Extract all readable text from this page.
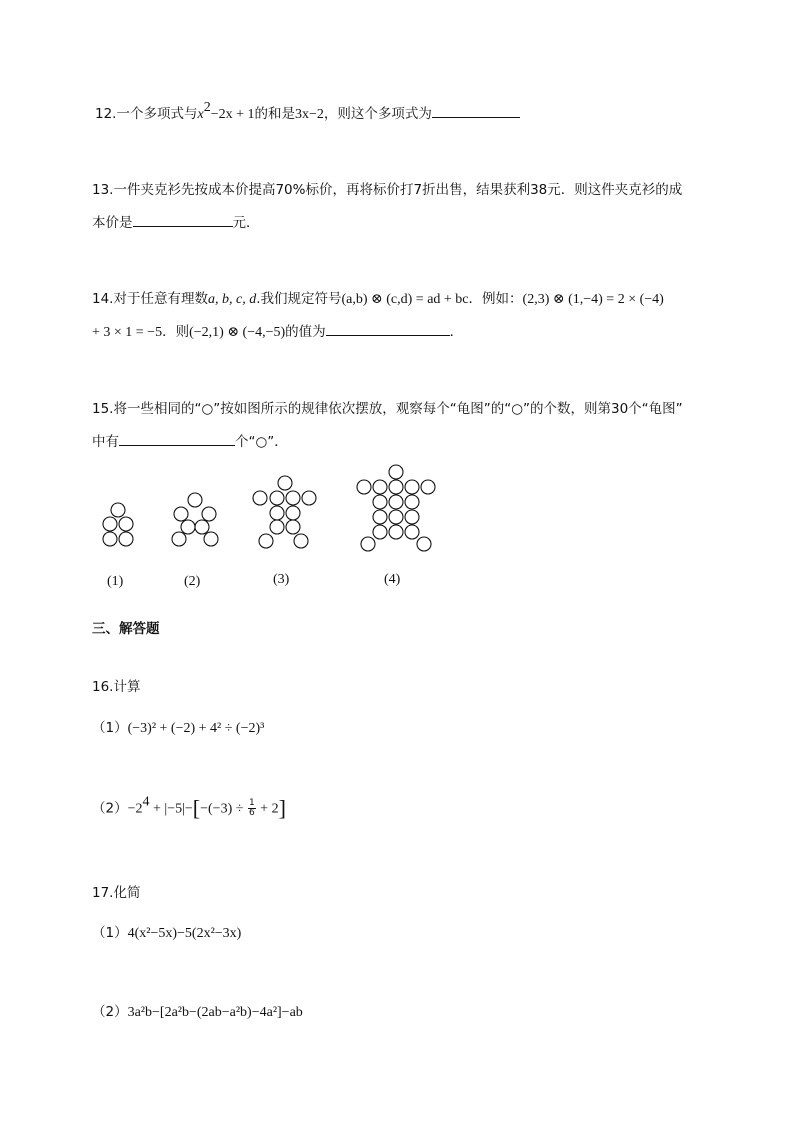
12.一个多项式与$x^2-2x + 1$的和是3x−2，则这个多项式为
13.一件夹克衫先按成本价提高70%标价，再将标价打7折出售，结果获利38元．则这件夹克衫的成
本价是	元．
14.对于任意有理数a, b, c, d.我们规定符号(a,b) ⊗ (c,d) = ad + bc．例如：(2,3) ⊗ (1,−4) = 2 × (−4)
+ 3 × 1 = −5．则(−2,1) ⊗ (−4,−5)的值为	．
15.将一些相同的“○”按如图所示的规律依次摆放，观察每个“龟图”的“○”的个数，则第30个“龟图”
中有	个“○”．
(1)	(2)	(3)	(4)
三、解答题
16.计算
（1）(−3)² + (−2) + 4² ÷ (−2)³
$(2)-2^4 + |-5|-[-(-3) \div \frac{1}{6} + 2]$
17.化简
（1）4(x²−5x)−5(2x²−3x)
（2）3a²b−[2a²b−(2ab−a²b)−4a²]−ab
